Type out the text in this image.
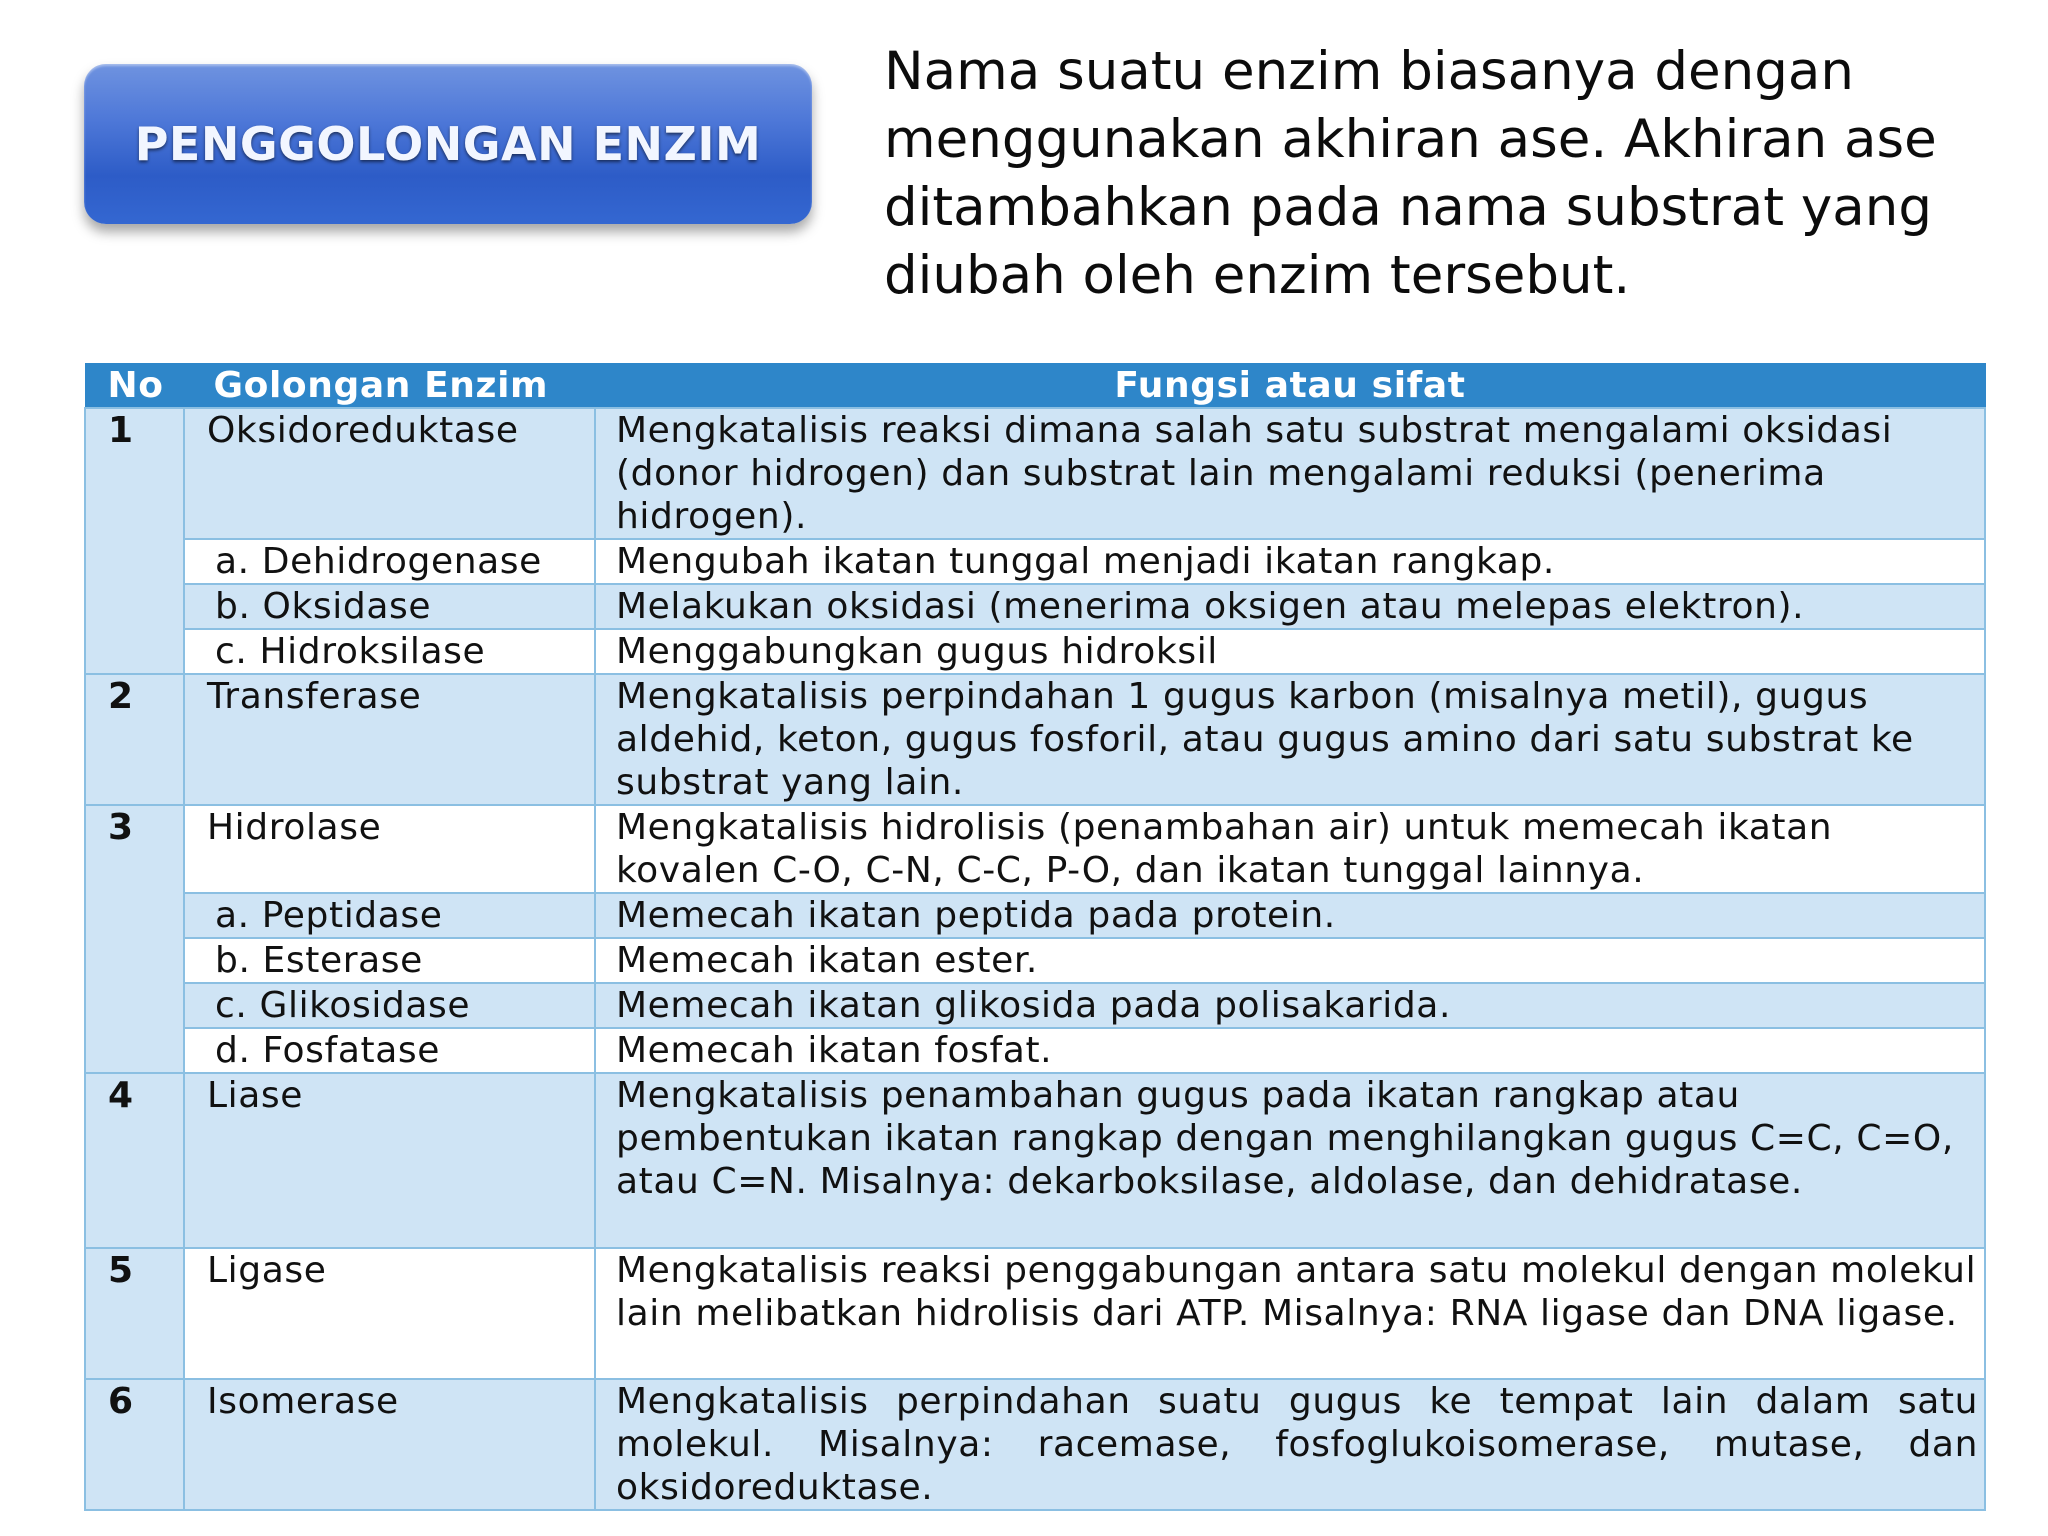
PENGGOLONGAN ENZIM

Nama suatu enzim biasanya dengan
menggunakan akhiran ase. Akhiran ase
ditambahkan pada nama substrat yang
diubah oleh enzim tersebut.

No	Golongan Enzim	Fungsi atau sifat
1	Oksidoreduktase	Mengkatalisis reaksi dimana salah satu substrat mengalami oksidasi (donor hidrogen) dan substrat lain mengalami reduksi (penerima hidrogen).
	a. Dehidrogenase	Mengubah ikatan tunggal menjadi ikatan rangkap.
	b. Oksidase	Melakukan oksidasi (menerima oksigen atau melepas elektron).
	c. Hidroksilase	Menggabungkan gugus hidroksil
2	Transferase	Mengkatalisis perpindahan 1 gugus karbon (misalnya metil), gugus aldehid, keton, gugus fosforil, atau gugus amino dari satu substrat ke substrat yang lain.
3	Hidrolase	Mengkatalisis hidrolisis (penambahan air) untuk memecah ikatan kovalen C-O, C-N, C-C, P-O, dan ikatan tunggal lainnya.
	a. Peptidase	Memecah ikatan peptida pada protein.
	b. Esterase	Memecah ikatan ester.
	c. Glikosidase	Memecah ikatan glikosida pada polisakarida.
	d. Fosfatase	Memecah ikatan fosfat.
4	Liase	Mengkatalisis penambahan gugus pada ikatan rangkap atau pembentukan ikatan rangkap dengan menghilangkan gugus C=C, C=O, atau C=N. Misalnya: dekarboksilase, aldolase, dan dehidratase.
5	Ligase	Mengkatalisis reaksi penggabungan antara satu molekul dengan molekul lain melibatkan hidrolisis dari ATP. Misalnya: RNA ligase dan DNA ligase.
6	Isomerase	Mengkatalisis perpindahan suatu gugus ke tempat lain dalam satu molekul. Misalnya: racemase, fosfoglukoisomerase, mutase, dan oksidoreduktase.
